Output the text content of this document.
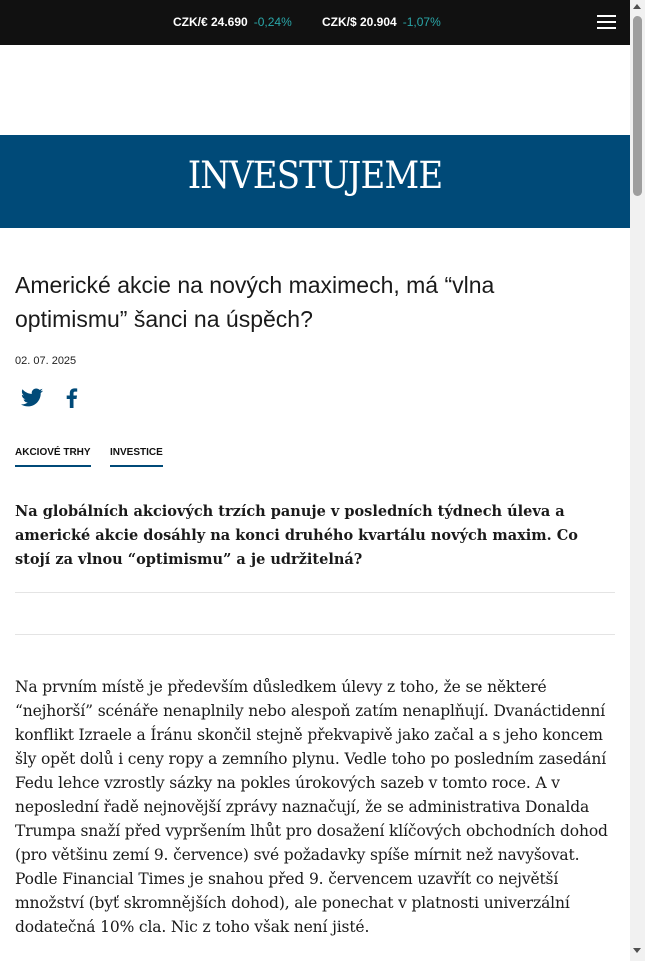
CZK/€ 24.690 -0,24%	CZK/$ 20.904 -1,07%
INVESTUJEME
Americké akcie na nových maximech, má “vlna optimismu” šanci na úspěch?
02. 07. 2025
AKCIOVÉ TRHY INVESTICE

Na globálních akciových trzích panuje v posledních týdnech úleva a americké akcie dosáhly na konci druhého kvartálu nových maxim. Co stojí za vlnou “optimismu” a je udržitelná?

Na prvním místě je především důsledkem úlevy z toho, že se některé “nejhorší” scénáře nenaplnily nebo alespoň zatím nenaplňují. Dvanáctidenní konflikt Izraele a Íránu skončil stejně překvapivě jako začal a s jeho koncem šly opět dolů i ceny ropy a zemního plynu. Vedle toho po posledním zasedání Fedu lehce vzrostly sázky na pokles úrokových sazeb v tomto roce. A v neposlední řadě nejnovější zprávy naznačují, že se administrativa Donalda Trumpa snaží před vypršením lhůt pro dosažení klíčových obchodních dohod (pro většinu zemí 9. července) své požadavky spíše mírnit než navyšovat. Podle Financial Times je snahou před 9. červencem uzavřít co největší množství (byť skromnějších dohod), ale ponechat v platnosti univerzální dodatečná 10% cla. Nic z toho však není jisté.
